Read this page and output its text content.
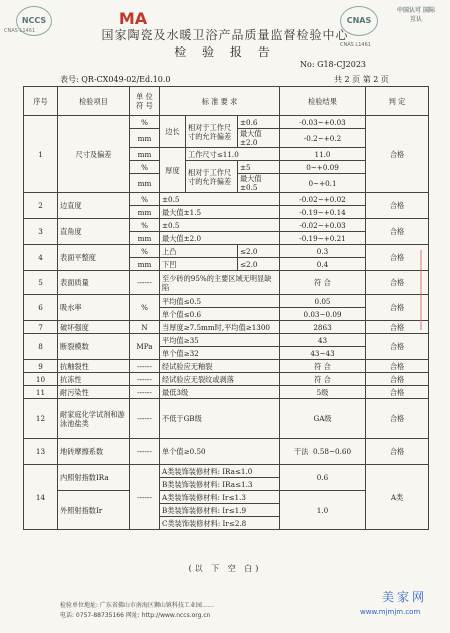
NCCS	MA	CNAS
中国认可 国际互认
CNAS-L1461	国家陶瓷及水暖卫浴产品质量监督检验中心
CNAS L1461
检 验 报 告
No: G18-CJ2023
表号: QR-CX049-02/Ed.10.0	共 2 页 第 2 页
序号	检验项目	单 位
符 号	标 准 要 求			检验结果	判 定
1	尺寸及偏差	%	边长	相对于工作尺寸的允许偏差	±0.6	-0.03~+0.03	合格
		mm			最大值±2.0	-0.2~+0.2	
		mm	厚度	工作尺寸≤11.0		11.0	
		%		相对于工作尺寸的允许偏差	±5	0~+0.09	
		mm			最大值±0.5	0~+0.1	
2	边直度	%	±0.5			-0.02~+0.02	合格
		mm	最大值±1.5			-0.19~+0.14	
3	直角度	%	±0.5			-0.02~+0.03	合格
		mm	最大值±2.0			-0.19~+0.21	
4	表面平整度	%	上凸		≤2.0	0.3	合格
		mm	下凹		≤2.0	0.4	
5	表面质量	------	至少砖的95%的主要区域无明显缺陷			符 合	合格
6	吸水率	%	平均值≤0.5			0.05	合格
			单个值≤0.6			0.03~0.09	
7	破坏强度	N	当厚度≥7.5mm时,平均值≥1300			2863	合格
8	断裂模数	MPa	平均值≥35			43	合格
			单个值≥32			43~43	
9	抗釉裂性	------	经试验应无釉裂			符 合	合格
10	抗冻性	------	经试验应无裂纹或剥落			符 合	合格
11	耐污染性	------	最低3级			5级	合格
12	耐家庭化学试剂和游泳池盐类	------	不低于GB级			GA级	合格
13	地砖摩擦系数	------	单个值≥0.50			干法 0.58~0.60	合格
14	内照射指数IRa	------	A类装饰装修材料: IRa≤1.0			0.6	A类
			B类装饰装修材料: IRa≤1.3				
	外照射指数Ir		A类装饰装修材料: Ir≤1.3			1.0	
			B类装饰装修材料: Ir≤1.9				
			C类装饰装修材料: Ir≤2.8				
(以 下 空 白)
检验单位地址: 广东省佛山市南海区狮山镇科技工业园……
电话: 0757-88735166 网址: http://www.nccs.org.cn
美家网
www.mjmjm.com
